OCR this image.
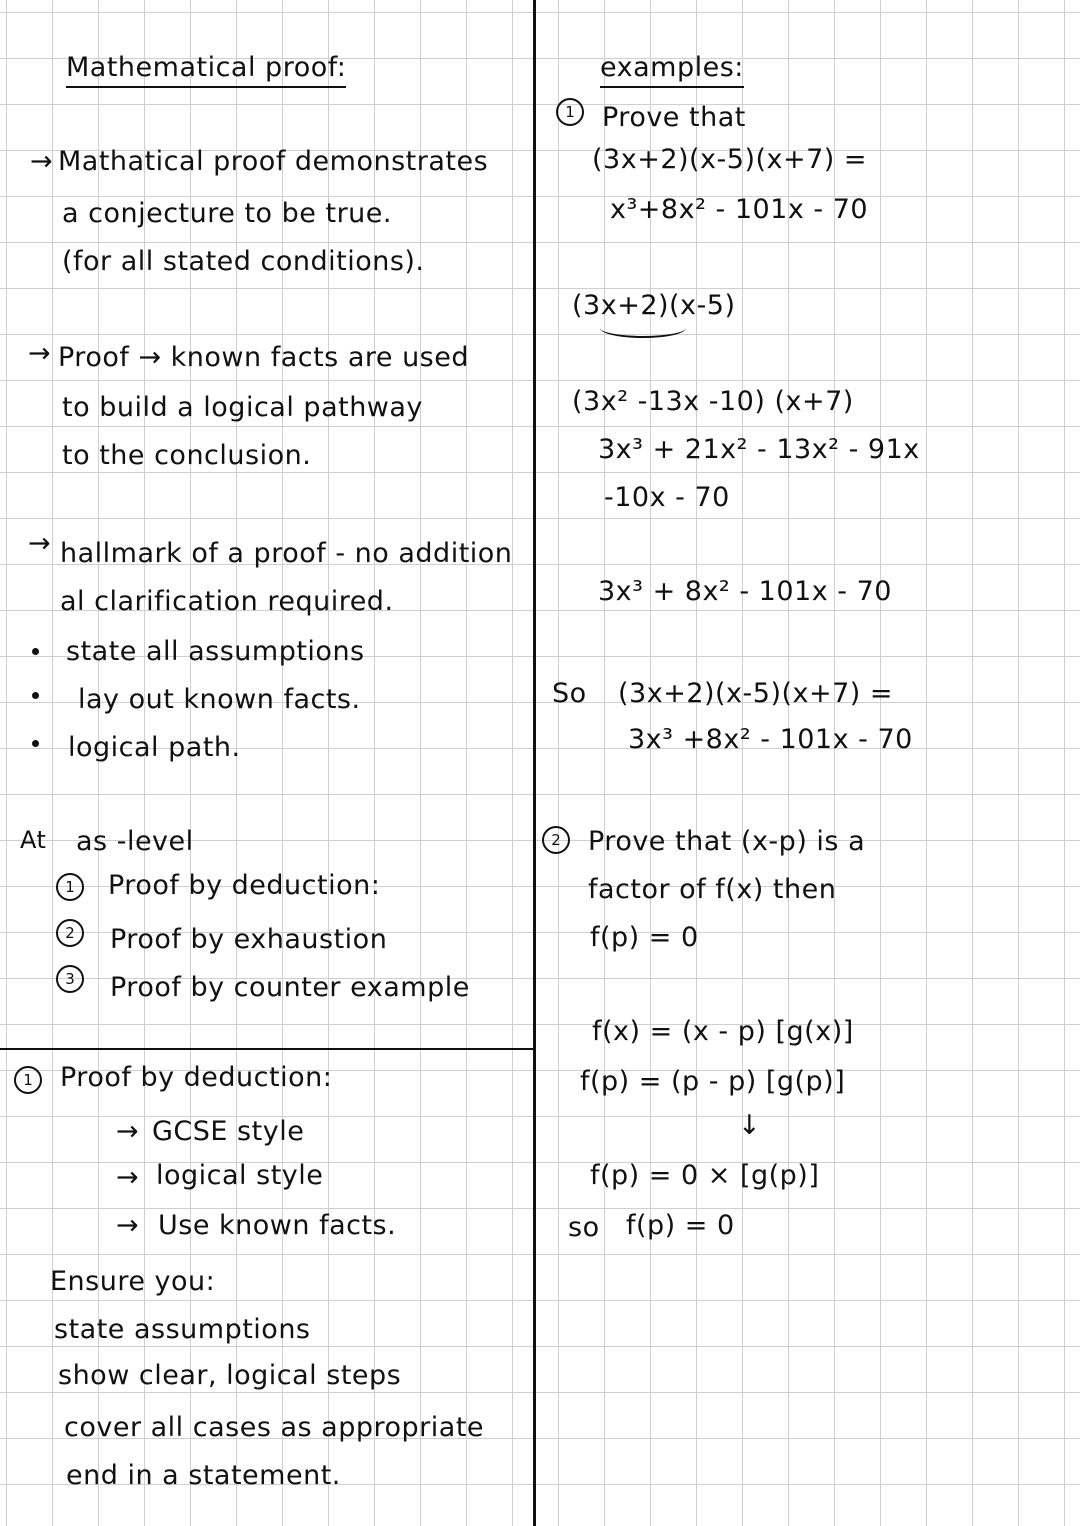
Mathematical proof:
→ Mathatical proof demonstrates
a conjecture to be true.
(for all stated conditions).
→ Proof → known facts are used
to build a logical pathway
to the conclusion.
→ hallmark of a proof - no addition
al clarification required.
state all assumptions
lay out known facts.
logical path.
At as -level
1	Proof by deduction:
2	Proof by exhaustion
3	Proof by counter example
1	Proof by deduction:
→ GCSE style
→ logical style
→ Use known facts.
Ensure you:
state assumptions
show clear, logical steps
cover all cases as appropriate
end in a statement.
examples:
1	Prove that
(3x+2)(x-5)(x+7) =
x³+8x² - 101x - 70
(3x+2)(x-5)
(3x² -13x -10) (x+7)
3x³ + 21x² - 13x² - 91x
-10x - 70
3x³ + 8x² - 101x - 70
So (3x+2)(x-5)(x+7) =
3x³ +8x² - 101x - 70
2	Prove that (x-p) is a
factor of f(x) then
f(p) = 0
f(x) = (x - p) [g(x)]
f(p) = (p - p) [g(p)]
↓
f(p) = 0 × [g(p)]
so f(p) = 0
